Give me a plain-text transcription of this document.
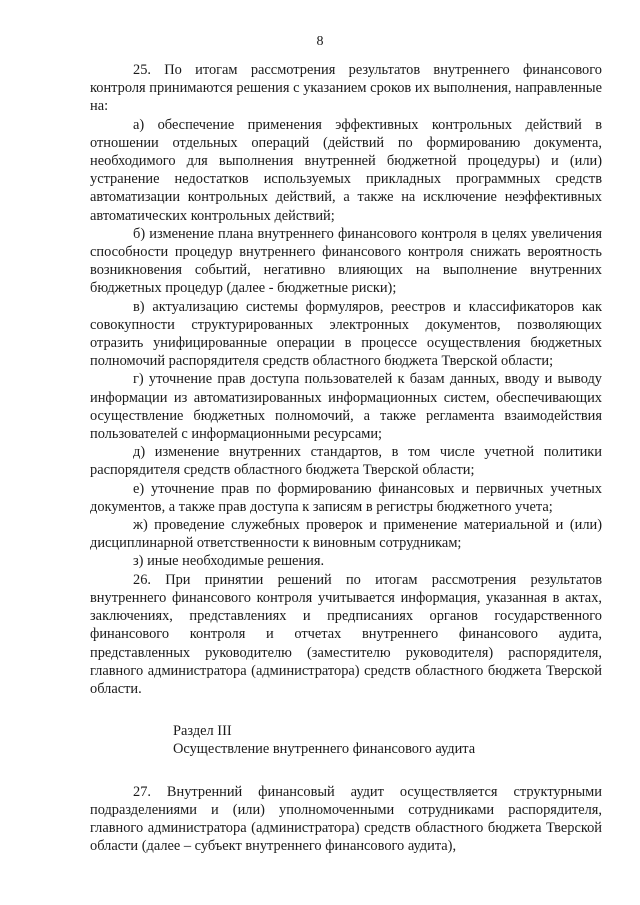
8

25. По итогам рассмотрения результатов внутреннего финансового контроля принимаются решения с указанием сроков их выполнения, направленные на:

а) обеспечение применения эффективных контрольных действий в отношении отдельных операций (действий по формированию документа, необходимого для выполнения внутренней бюджетной процедуры) и (или) устранение недостатков используемых прикладных программных средств автоматизации контрольных действий, а также на исключение неэффективных автоматических контрольных действий;

б) изменение плана внутреннего финансового контроля в целях увеличения способности процедур внутреннего финансового контроля снижать вероятность возникновения событий, негативно влияющих на выполнение внутренних бюджетных процедур (далее - бюджетные риски);

в) актуализацию системы формуляров, реестров и классификаторов как совокупности структурированных электронных документов, позволяющих отразить унифицированные операции в процессе осуществления бюджетных полномочий распорядителя средств областного бюджета Тверской области;

г) уточнение прав доступа пользователей к базам данных, вводу и выводу информации из автоматизированных информационных систем, обеспечивающих осуществление бюджетных полномочий, а также регламента взаимодействия пользователей с информационными ресурсами;

д) изменение внутренних стандартов, в том числе учетной политики распорядителя средств областного бюджета Тверской области;

е) уточнение прав по формированию финансовых и первичных учетных документов, а также прав доступа к записям в регистры бюджетного учета;

ж) проведение служебных проверок и применение материальной и (или) дисциплинарной ответственности к виновным сотрудникам;

з) иные необходимые решения.

26. При принятии решений по итогам рассмотрения результатов внутреннего финансового контроля учитывается информация, указанная в актах, заключениях, представлениях и предписаниях органов государственного финансового контроля и отчетах внутреннего финансового аудита, представленных руководителю (заместителю руководителя) распорядителя, главного администратора (администратора) средств областного бюджета Тверской области.

Раздел III

Осуществление внутреннего финансового аудита

27. Внутренний финансовый аудит осуществляется структурными подразделениями и (или) уполномоченными сотрудниками распорядителя, главного администратора (администратора) средств областного бюджета Тверской области (далее – субъект внутреннего финансового аудита),
